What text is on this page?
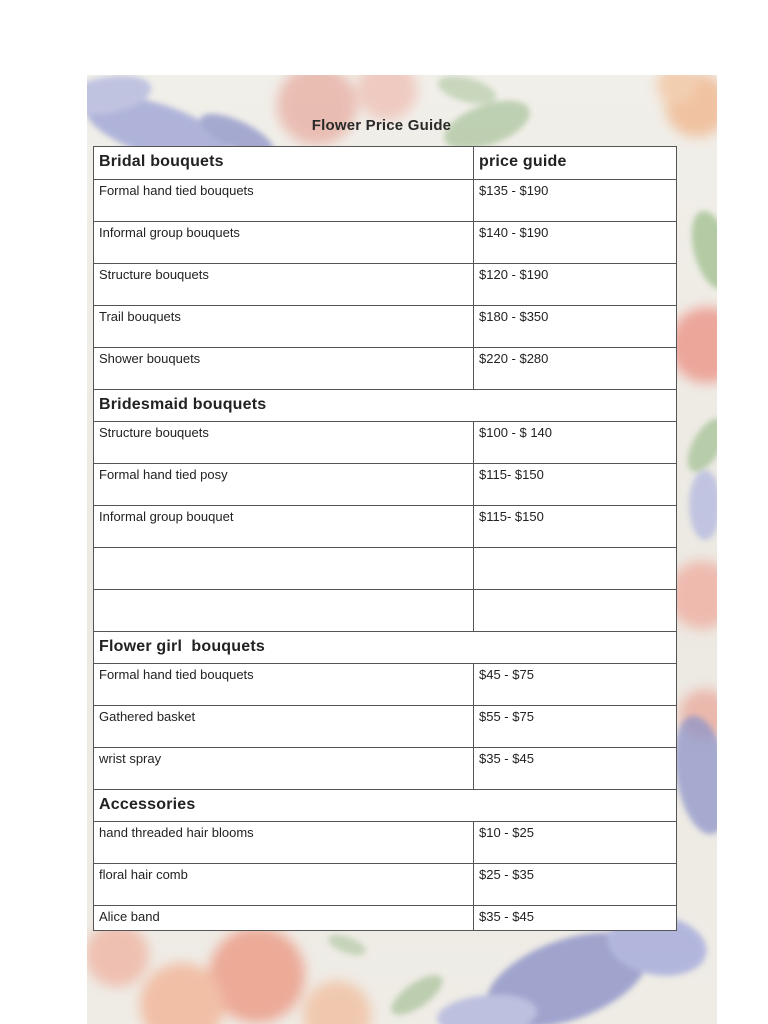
Flower Price Guide
Bridal bouquets	price guide
Formal hand tied bouquets	$135 - $190
Informal group bouquets	$140 - $190
Structure bouquets	$120 - $190
Trail bouquets	$180 - $350
Shower bouquets	$220 - $280
Bridesmaid bouquets	
Structure bouquets	$100 - $ 140
Formal hand tied posy	$115- $150
Informal group bouquet	$115- $150

Flower girl  bouquets	
Formal hand tied bouquets	$45 - $75
Gathered basket	$55 - $75
wrist spray	$35 - $45
Accessories	
hand threaded hair blooms	$10 - $25
floral hair comb	$25 - $35
Alice band	$35 - $45
